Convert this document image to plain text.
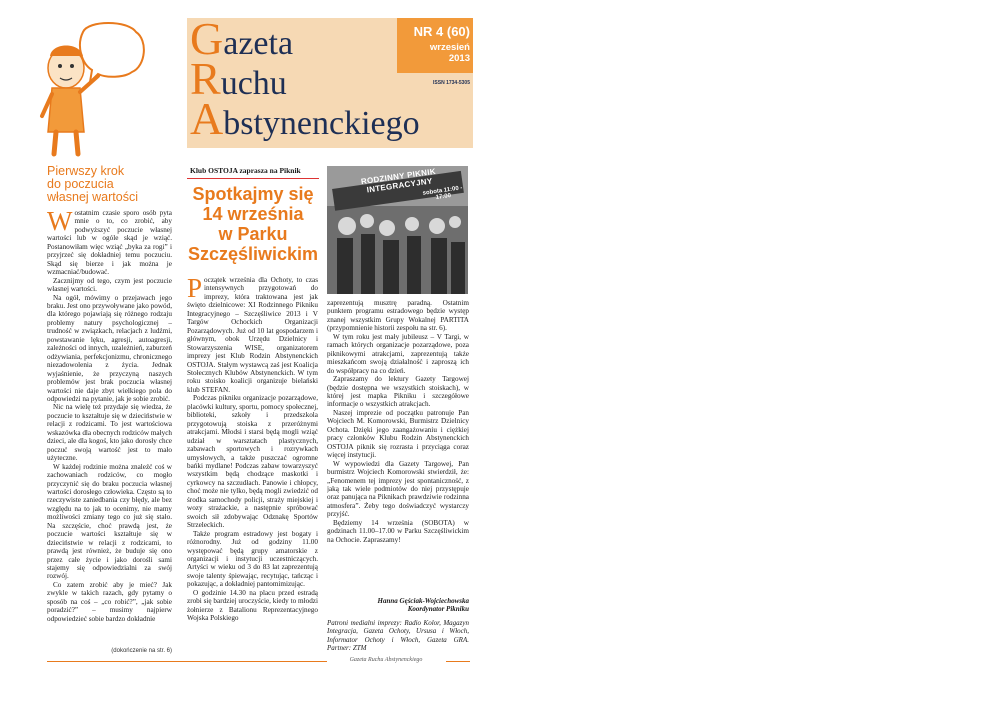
Pierwszy krok
do poczucia
własnej wartości

Wostatnim czasie sporo osób pyta mnie o to, co zrobić, aby podwyższyć poczucie własnej wartości lub w ogóle skąd je wziąć. Postanowiłam więc wziąć „byka za rogi” i przyjrzeć się dokładniej temu poczuciu. Skąd się bierze i jak można je wzmacniać/budować.

Zacznijmy od tego, czym jest poczucie własnej wartości.

Na ogół, mówimy o przejawach jego braku. Jest ono przywoływane jako powód, dla którego pojawiają się różnego rodzaju problemy natury psychologicznej – trudność w związkach, relacjach z ludźmi, powstawanie lęku, agresji, autoagresji, zależności od innych, uzależnień, zaburzeń odżywiania, perfekcjonizmu, chronicznego niezadowolenia z życia. Jednak wyjaśnienie, że przyczyną naszych problemów jest brak poczucia własnej wartości nie daje zbyt wielkiego pola do odpowiedzi na pytanie, jak je sobie zrobić.

Nic na wielę też przydaje się wiedza, że poczucie to kształtuje się w dzieciństwie w relacji z rodzicami. To jest wartościowa wskazówka dla obecnych rodziców małych dzieci, ale dla kogoś, kto jako dorosły chce poczuć swoją wartość jest to mało użyteczne.

W każdej rodzinie można znaleźć coś w zachowaniach rodziców, co mogło przyczynić się do braku poczucia własnej wartości dorosłego człowieka. Często są to rzeczywiste zaniedbania czy błędy, ale bez względu na to jak to ocenimy, nie mamy możliwości zmiany tego co już się stało. Na szczęście, choć prawdą jest, że poczucie wartości kształtuje się w dzieciństwie w relacji z rodzicami, to prawdą jest również, że buduje się ono przez całe życie i jako dorośli sami stajemy się odpowiedzialni za swój rozwój.

Co zatem zrobić aby je mieć? Jak zwykle w takich razach, gdy pytamy o sposób na coś – „co robić?”, „jak sobie poradzić?” – musimy najpierw odpowiedzieć sobie bardzo dokładnie

(dokończenie na str. 6)
Gazeta
Ruchu
Abstynenckiego
NR 4 (60)
wrzesień
2013
ISSN 1734-5305
Klub OSTOJA zaprasza na Piknik
Spotkajmy się
14 września
w Parku
Szczęśliwickim

Początek września dla Ochoty, to czas intensywnych przygotowań do imprezy, która traktowana jest jak święto dzielnicowe: XI Rodzinnego Pikniku Integracyjnego – Szczęśliwice 2013 i V Targów Ochockich Organizacji Pozarządowych. Już od 10 lat gospodarzem i głównym, obok Urzędu Dzielnicy i Stowarzyszenia WISE, organizatorem imprezy jest Klub Rodzin Abstynenckich OSTOJA. Stałym wystawcą zaś jest Koalicja Stołecznych Klubów Abstynenckich. W tym roku stoisko koalicji organizuje bielański klub STEFAN.

Podczas pikniku organizacje pozarządowe, placówki kultury, sportu, pomocy społecznej, biblioteki, szkoły i przedszkola przygotowują stoiska z przeróżnymi atrakcjami. Młodsi i starsi będą mogli wziąć udział w warsztatach plastycznych, zabawach sportowych i rozrywkach umysłowych, a także puszczać ogromne bańki mydlane! Podczas zabaw towarzyszyć wszystkim będą chodzące maskotki i cyrkowcy na szczudłach. Panowie i chłopcy, choć może nie tylko, będą mogli zwiedzić od środka samochody policji, straży miejskiej i wozy strażackie, a następnie spróbować swoich sił zdobywając Odznakę Sportów Strzeleckich.

Także program estradowy jest bogaty i różnorodny. Już od godziny 11.00 występować będą grupy amatorskie z organizacji i instytucji uczestniczących. Artyści w wieku od 3 do 83 lat zaprezentują swoje talenty śpiewając, recytując, tańcząc i pokazując, a dokładniej pantomimizując.

O godzinie 14.30 na placu przed estradą zrobi się bardziej uroczyście, kiedy to młodzi żołnierze z Batalionu Reprezentacyjnego Wojska Polskiego

RODZINNY PIKNIK INTEGRACYJNY
sobota 11:00 - 17:00

zaprezentują musztrę paradną. Ostatnim punktem programu estradowego będzie występ znanej wszystkim Grupy Wokalnej PARTITA (przypomnienie historii zespołu na str. 6).

W tym roku jest mały jubileusz – V Targi, w ramach których organizacje pozarządowe, poza piknikowymi atrakcjami, zaprezentują także mieszkańcom swoją działalność i zaproszą ich do współpracy na co dzień.

Zapraszamy do lektury Gazety Targowej (będzie dostępna we wszystkich stoiskach), w której jest mapka Pikniku i szczegółowe informacje o wszystkich atrakcjach.

Naszej imprezie od początku patronuje Pan Wojciech M. Komorowski, Burmistrz Dzielnicy Ochota. Dzięki jego zaangażowaniu i ciężkiej pracy członków Klubu Rodzin Abstynenckich OSTOJA piknik się rozrasta i przyciąga coraz więcej instytucji.

W wypowiedzi dla Gazety Targowej, Pan burmistrz Wojciech Komorowski stwierdził, że: „Fenomenem tej imprezy jest spontaniczność, z jaką tak wiele podmiotów do niej przystępuje oraz panująca na Piknikach prawdziwie rodzinna atmosfera”. Żeby tego doświadczyć wystarczy przyjść.

Będziemy 14 września (SOBOTA) w godzinach 11.00–17.00 w Parku Szczęśliwickim na Ochocie. Zapraszamy!

Hanna Gęściak-Wojciechowska
Koordynator Pikniku
Patroni medialni imprezy: Radio Kolor, Magazyn Integracja, Gazeta Ochoty, Ursusa i Włoch, Informator Ochoty i Włoch, Gazeta GRA. Partner: ZTM
Gazeta Ruchu Abstynenckiego
